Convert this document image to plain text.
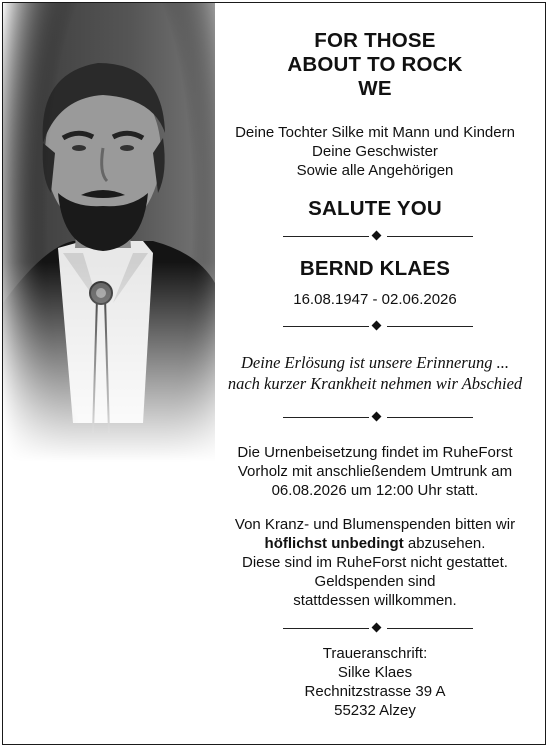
FOR THOSE
ABOUT TO ROCK
WE
Deine Tochter Silke mit Mann und Kindern
Deine Geschwister
Sowie alle Angehörigen
SALUTE YOU
BERND KLAES
16.08.1947 - 02.06.2026
Deine Erlösung ist unsere Erinnerung ...
nach kurzer Krankheit nehmen wir Abschied
Die Urnenbeisetzung findet im RuheForst
Vorholz mit anschließendem Umtrunk am
06.08.2026 um 12:00 Uhr statt.
Von Kranz- und Blumenspenden bitten wir
höflichst unbedingt abzusehen.
Diese sind im RuheForst nicht gestattet.
Geldspenden sind
stattdessen willkommen.
Traueranschrift:
Silke Klaes
Rechnitzstrasse 39 A
55232 Alzey
